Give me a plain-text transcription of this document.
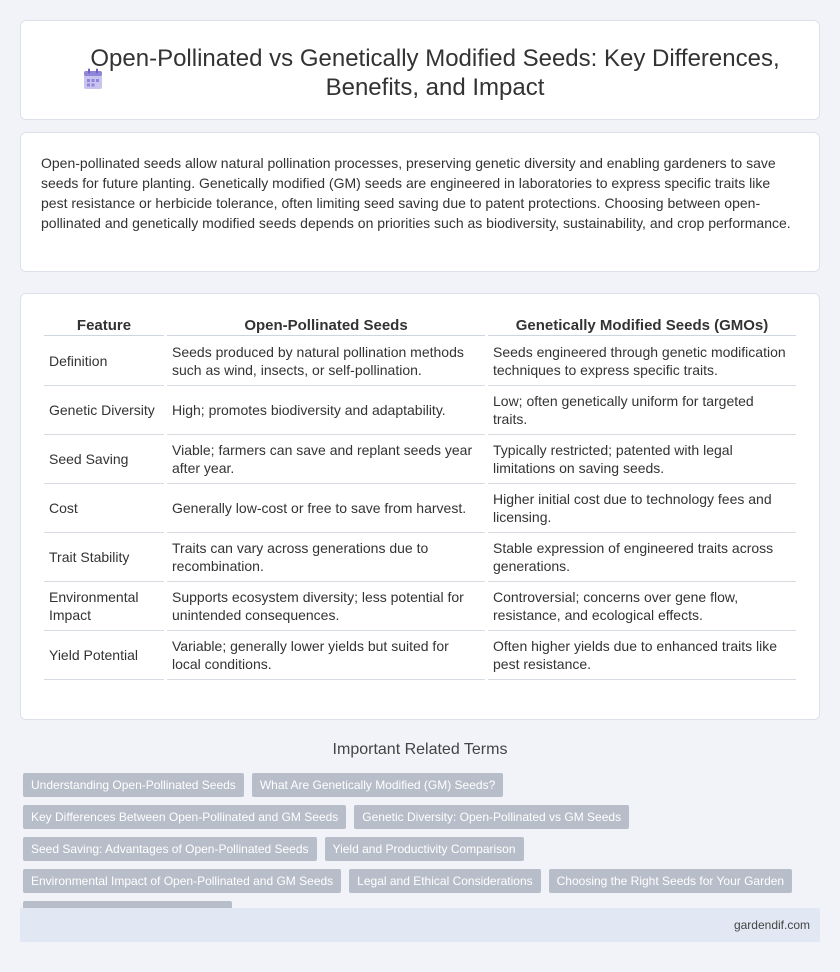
Open-Pollinated vs Genetically Modified Seeds: Key Differences, Benefits, and Impact

Open-pollinated seeds allow natural pollination processes, preserving genetic diversity and enabling gardeners to save seeds for future planting. Genetically modified (GM) seeds are engineered in laboratories to express specific traits like pest resistance or herbicide tolerance, often limiting seed saving due to patent protections. Choosing between open-pollinated and genetically modified seeds depends on priorities such as biodiversity, sustainability, and crop performance.

Feature	Open-Pollinated Seeds	Genetically Modified Seeds (GMOs)
Definition	Seeds produced by natural pollination methods such as wind, insects, or self-pollination.	Seeds engineered through genetic modification techniques to express specific traits.
Genetic Diversity	High; promotes biodiversity and adaptability.	Low; often genetically uniform for targeted traits.
Seed Saving	Viable; farmers can save and replant seeds year after year.	Typically restricted; patented with legal limitations on saving seeds.
Cost	Generally low-cost or free to save from harvest.	Higher initial cost due to technology fees and licensing.
Trait Stability	Traits can vary across generations due to recombination.	Stable expression of engineered traits across generations.
Environmental Impact	Supports ecosystem diversity; less potential for unintended consequences.	Controversial; concerns over gene flow, resistance, and ecological effects.
Yield Potential	Variable; generally lower yields but suited for local conditions.	Often higher yields due to enhanced traits like pest resistance.
Important Related Terms
Understanding Open-Pollinated Seeds	What Are Genetically Modified (GM) Seeds?
Key Differences Between Open-Pollinated and GM Seeds	Genetic Diversity: Open-Pollinated vs GM Seeds
Seed Saving: Advantages of Open-Pollinated Seeds	Yield and Productivity Comparison
Environmental Impact of Open-Pollinated and GM Seeds	Legal and Ethical Considerations	Choosing the Right Seeds for Your Garden
gardendif.com
